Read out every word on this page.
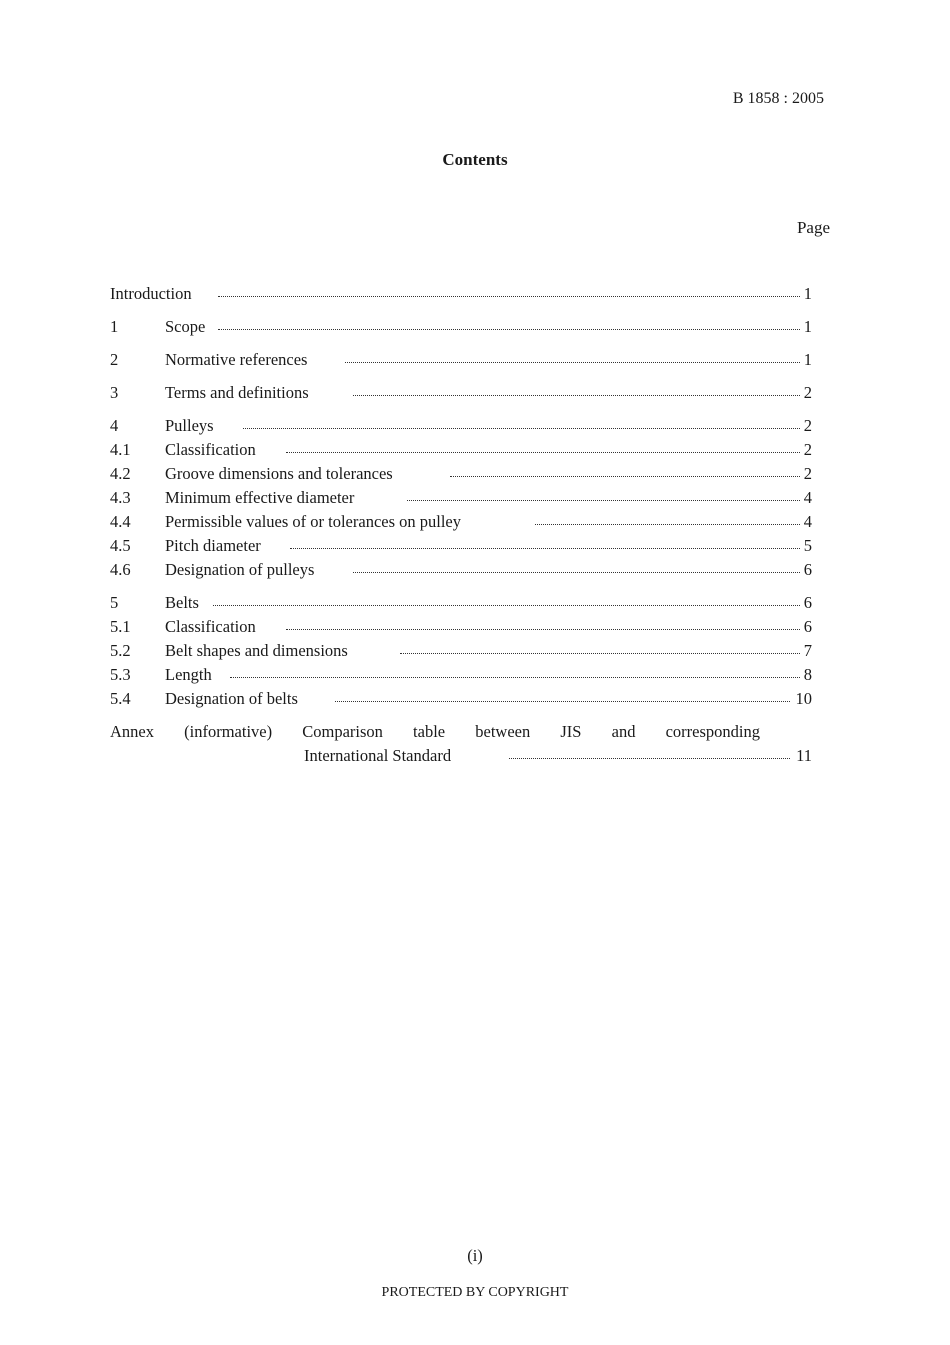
B 1858 : 2005
Contents
Page
Introduction	1
1	Scope	1
2	Normative references	1
3	Terms and definitions	2
4	Pulleys	2
4.1 Classification	2
4.2 Groove dimensions and tolerances	2
4.3 Minimum effective diameter	4
4.4 Permissible values of or tolerances on pulley	4
4.5 Pitch diameter	5
4.6 Designation of pulleys	6
5	Belts	6
5.1 Classification	6
5.2 Belt shapes and dimensions	7
5.3 Length	8
5.4 Designation of belts	10
Annex (informative) Comparison table between JIS and corresponding
International Standard	11
(i)
PROTECTED BY COPYRIGHT
